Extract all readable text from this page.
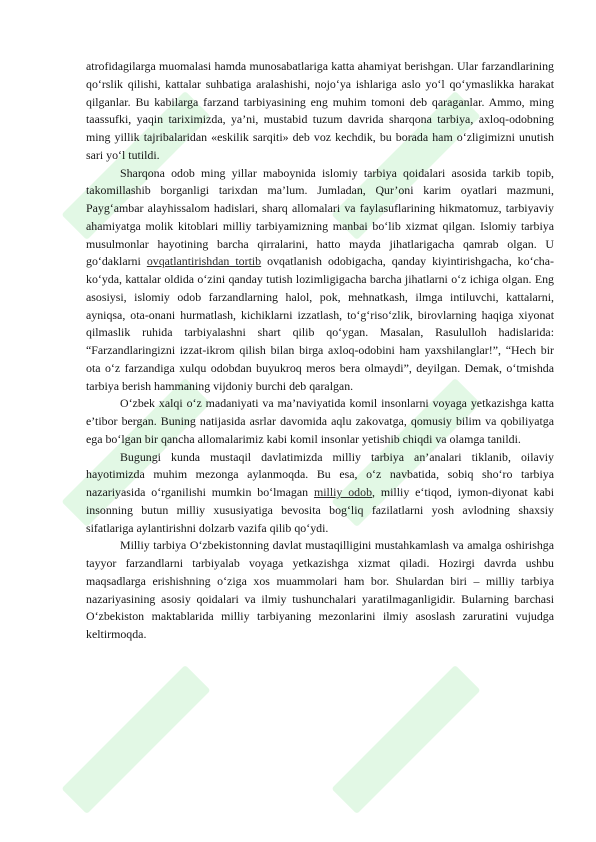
atrofidagilarga muomalasi hamda munosabatlariga katta ahamiyat berishgan. Ular farzandlarining qo‘rslik qilishi, kattalar suhbatiga aralashishi, nojo‘ya ishlariga aslo yo‘l qo‘ymaslikka harakat qilganlar. Bu kabilarga farzand tarbiyasining eng muhim tomoni deb qaraganlar. Ammo, ming taassufki, yaqin tariximizda, ya’ni, mustabid tuzum davrida sharqona tarbiya, axloq-odobning ming yillik tajribalaridan «eskilik sarqiti» deb voz kechdik, bu borada ham o‘zligimizni unutish sari yo‘l tutildi.

Sharqona odob ming yillar maboynida islomiy tarbiya qoidalari asosida tarkib topib, takomillashib borganligi tarixdan ma’lum. Jumladan, Qur’oni karim oyatlari mazmuni, Payg‘ambar alayhissalom hadislari, sharq allomalari va faylasuflarining hikmatomuz, tarbiyaviy ahamiyatga molik kitoblari milliy tarbiyamizning manbai bo‘lib xizmat qilgan. Islomiy tarbiya musulmonlar hayotining barcha qirralarini, hatto mayda jihatlarigacha qamrab olgan. U go‘daklarni ovqatlantirishdan tortib ovqatlanish odobigacha, qanday kiyintirishgacha, ko‘cha-ko‘yda, kattalar oldida o‘zini qanday tutish lozimligigacha barcha jihatlarni o‘z ichiga olgan. Eng asosiysi, islomiy odob farzandlarning halol, pok, mehnatkash, ilmga intiluvchi, kattalarni, ayniqsa, ota-onani hurmatlash, kichiklarni izzatlash, to‘g‘riso‘zlik, birovlarning haqiga xiyonat qilmaslik ruhida tarbiyalashni shart qilib qo‘ygan. Masalan, Rasululloh hadislarida: “Farzandlaringizni izzat-ikrom qilish bilan birga axloq-odobini ham yaxshilanglar!”, “Hech bir ota o‘z farzandiga xulqu odobdan buyukroq meros bera olmaydi”, deyilgan. Demak, o‘tmishda tarbiya berish hammaning vijdoniy burchi deb qaralgan.

O‘zbek xalqi o‘z madaniyati va ma’naviyatida komil insonlarni voyaga yetkazishga katta e’tibor bergan. Buning natijasida asrlar davomida aqlu zakovatga, qomusiy bilim va qobiliyatga ega bo‘lgan bir qancha allomalarimiz kabi komil insonlar yetishib chiqdi va olamga tanildi.

Bugungi kunda mustaqil davlatimizda milliy tarbiya an’analari tiklanib, oilaviy hayotimizda muhim mezonga aylanmoqda. Bu esa, o‘z navbatida, sobiq sho‘ro tarbiya nazariyasida o‘rganilishi mumkin bo‘lmagan milliy odob, milliy e‘tiqod, iymon-diyonat kabi insonning butun milliy xususiyatiga bevosita bog‘liq fazilatlarni yosh avlodning shaxsiy sifatlariga aylantirishni dolzarb vazifa qilib qo‘ydi.

Milliy tarbiya O‘zbekistonning davlat mustaqilligini mustahkamlash va amalga oshirishga tayyor farzandlarni tarbiyalab voyaga yetkazishga xizmat qiladi. Hozirgi davrda ushbu maqsadlarga erishishning o‘ziga xos muammolari ham bor. Shulardan biri – milliy tarbiya nazariyasining asosiy qoidalari va ilmiy tushunchalari yaratilmaganligidir. Bularning barchasi O‘zbekiston maktablarida milliy tarbiyaning mezonlarini ilmiy asoslash zaruratini vujudga keltirmoqda.
